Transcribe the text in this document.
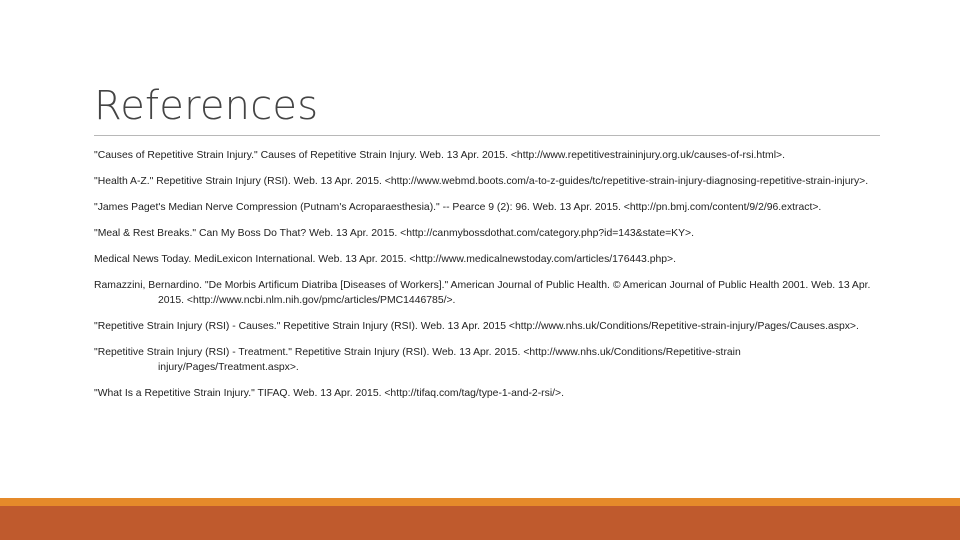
References
"Causes of Repetitive Strain Injury." Causes of Repetitive Strain Injury. Web. 13 Apr. 2015. <http://www.repetitivestraininjury.org.uk/causes-of-rsi.html>.
"Health A-Z." Repetitive Strain Injury (RSI). Web. 13 Apr. 2015. <http://www.webmd.boots.com/a-to-z-guides/tc/repetitive-strain-injury-diagnosing-repetitive-strain-injury>.
"James Paget's Median Nerve Compression (Putnam's Acroparaesthesia)." -- Pearce 9 (2): 96. Web. 13 Apr. 2015. <http://pn.bmj.com/content/9/2/96.extract>.
"Meal & Rest Breaks." Can My Boss Do That? Web. 13 Apr. 2015. <http://canmybossdothat.com/category.php?id=143&state=KY>.
Medical News Today. MediLexicon International. Web. 13 Apr. 2015. <http://www.medicalnewstoday.com/articles/176443.php>.
Ramazzini, Bernardino. "De Morbis Artificum Diatriba [Diseases of Workers]." American Journal of Public Health. © American Journal of Public Health 2001. Web. 13 Apr. 2015. <http://www.ncbi.nlm.nih.gov/pmc/articles/PMC1446785/>.
"Repetitive Strain Injury (RSI) - Causes." Repetitive Strain Injury (RSI). Web. 13 Apr. 2015 <http://www.nhs.uk/Conditions/Repetitive-strain-injury/Pages/Causes.aspx>.
"Repetitive Strain Injury (RSI) - Treatment." Repetitive Strain Injury (RSI). Web. 13 Apr. 2015. <http://www.nhs.uk/Conditions/Repetitive-strain injury/Pages/Treatment.aspx>.
"What Is a Repetitive Strain Injury." TIFAQ. Web. 13 Apr. 2015. <http://tifaq.com/tag/type-1-and-2-rsi/>.
